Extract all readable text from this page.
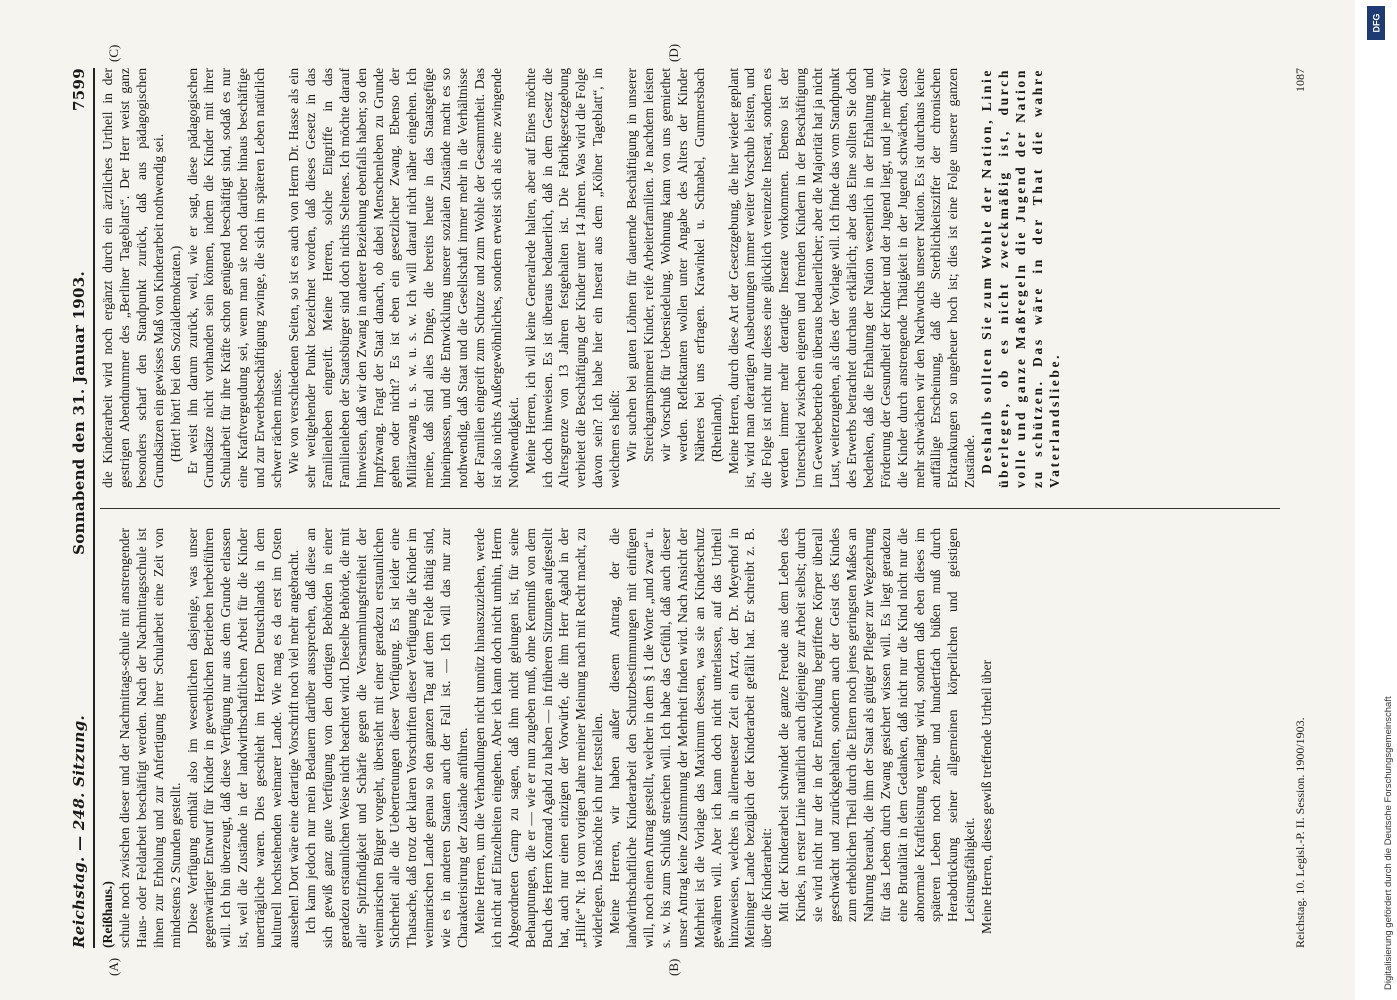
Reichstag. — 248. Sitzung.
Sonnabend den 31. Januar 1903.
7599

(Reißhaus.) schule noch zwischen dieser und der Nachmittags-schule mit anstrengender Haus- oder Feldarbeit beschäftigt werden. Nach der Nachmittagsschule ist ihnen zur Erholung und zur Anfertigung ihrer Schularbeit eine Zeit von mindestens 2 Stunden gestellt. Diese Verfügung enthält also im wesentlichen dasjenige, was unser gegenwärtiger Entwurf für Kinder in gewerblichen Betrieben herbeiführen will. Ich bin überzeugt, daß diese Verfügung nur aus dem Grunde erlassen ist, weil die Zustände in der landwirthschaftlichen Arbeit für die Kinder unerträgliche waren. Dies geschieht im Herzen Deutschlands in dem kulturell hochstehenden weimarer Lande. Wie mag es da erst im Osten aussehen! Dort wäre eine derartige Vorschrift noch viel mehr angebracht. Ich kann jedoch nur mein Bedauern darüber aussprechen, daß diese an sich gewiß ganz gute Verfügung von den dortigen Behörden in einer geradezu erstaunlichen Weise nicht beachtet wird. Dieselbe Behörde, die mit aller Spitzfindigkeit und Schärfe gegen die Versammlungsfreiheit der weimarischen Bürger vorgeht, übersieht mit einer geradezu erstaunlichen Sicherheit alle die Uebertretungen dieser Verfügung. Es ist leider eine Thatsache, daß trotz der klaren Vorschriften dieser Verfügung die Kinder im weimarischen Lande genau so den ganzen Tag auf dem Felde thätig sind, wie es in anderen Staaten auch der Fall ist. — Ich will das nur zur Charakterisirung der Zustände anführen. Meine Herren, um die Verhandlungen nicht unnütz hinauszuziehen, werde ich nicht auf Einzelheiten eingehen. Aber ich kann doch nicht umhin, Herrn Abgeordneten Gamp zu sagen, daß ihm nicht gelungen ist, für seine Behauptungen, die er — wie er nun zugeben muß, ohne Kenntniß von dem Buch des Herrn Konrad Agahd zu haben — in früheren Sitzungen aufgestellt hat, auch nur einen einzigen der Vorwürfe, die ihm Herr Agahd in der „Hilfe“ Nr. 18 vom vorigen Jahre meiner Meinung nach mit Recht macht, zu widerlegen. Das möchte ich nur feststellen. Meine Herren, wir haben außer diesem Antrag, der die landwirthschaftliche Kinderarbeit den Schutzbestimmungen mit einfügen will, noch einen Antrag gestellt, welcher in dem § 1 die Worte „und zwar“ u. s. w. bis zum Schluß streichen will. Ich habe das Gefühl, daß auch dieser unser Antrag keine Zustimmung der Mehrheit finden wird. Nach Ansicht der Mehrheit ist die Vorlage das Maximum dessen, was sie an Kinderschutz gewähren will. Aber ich kann doch nicht unterlassen, auf das Urtheil hinzuweisen, welches in allerneuester Zeit ein Arzt, der Dr. Meyerhof in Meininger Lande bezüglich der Kinderarbeit gefällt hat. Er schreibt z. B. über die Kinderarbeit: Mit der Kinderarbeit schwindet die ganze Freude aus dem Leben des Kindes, in erster Linie natürlich auch diejenige zur Arbeit selbst; durch sie wird nicht nur der in der Entwicklung begriffene Körper überall geschwächt und zurückgehalten, sondern auch der Geist des Kindes zum erheblichen Theil durch die Eltern noch jenes geringsten Maßes an Nahrung beraubt, die ihm der Staat als gütiger Pfleger zur Wegzehrung für das Leben durch Zwang gesichert wissen will. Es liegt geradezu eine Brutalität in dem Gedanken, daß nicht nur die Kind nicht nur die abnormale Kraftleistung verlangt wird, sondern daß eben dieses im späteren Leben noch zehn- und hundertfach büßen muß durch Herabdrückung seiner allgemeinen körperlichen und geistigen Leistungsfähigkeit. Meine Herren, dieses gewiß treffende Urtheil über

die Kinderarbeit wird noch ergänzt durch ein ärztliches Urtheil in der gestrigen Abendnummer des „Berliner Tageblatts“. Der Herr weist ganz besonders scharf den Standpunkt zurück, daß aus pädagogischen Grundsätzen ein gewisses Maß von Kinderarbeit nothwendig sei. (Hört! hört! bei den Sozialdemokraten.) Er weist ihn darum zurück, weil, wie er sagt, diese pädagogischen Grundsätze nicht vorhanden sein können, indem die Kinder mit ihrer Schularbeit für ihre Kräfte schon genügend beschäftigt sind, sodaß es nur eine Kraftvergeudung sei, wenn man sie noch darüber hinaus beschäftige und zur Erwerbsbeschäftigung zwinge, die sich im späteren Leben natürlich schwer rächen müsse. Wie von verschiedenen Seiten, so ist es auch von Herrn Dr. Hasse als ein sehr weitgehender Punkt bezeichnet worden, daß dieses Gesetz in das Familienleben eingreift. Meine Herren, solche Eingriffe in das Familienleben der Staatsbürger sind doch nichts Seltenes. Ich möchte darauf hinweisen, daß wir den Zwang in anderer Beziehung ebenfalls haben; so den Impfzwang. Fragt der Staat danach, ob dabei Menschenleben zu Grunde gehen oder nicht? Es ist eben ein gesetzlicher Zwang. Ebenso der Militärzwang u. s. w. u. s. w. Ich will darauf nicht näher eingehen. Ich meine, daß sind alles Dinge, die bereits heute in das Staatsgefüge hineinpassen, und die Entwicklung unserer sozialen Zustände macht es so nothwendig, daß Staat und die Gesellschaft immer mehr in die Verhältnisse der Familien eingreift zum Schutze und zum Wohle der Gesammtheit. Das ist also nichts Außergewöhnliches, sondern erweist sich als eine zwingende Nothwendigkeit. Meine Herren, ich will keine Generalrede halten, aber auf Eines möchte ich doch hinweisen. Es ist überaus bedauerlich, daß in dem Gesetz die Altersgrenze von 13 Jahren festgehalten ist. Die Fabrikgesetzgebung verbietet die Beschäftigung der Kinder unter 14 Jahren. Was wird die Folge davon sein? Ich habe hier ein Inserat aus dem „Kölner Tageblatt“, in welchem es heißt: Wir suchen bei guten Löhnen für dauernde Beschäftigung in unserer Streichgarnspinnerei Kinder, reife Arbeiterfamilien. Je nachdem leisten wir Vorschuß für Uebersiedelung. Wohnung kann von uns gemiethet werden. Reflektanten wollen unter Angabe des Alters der Kinder Näheres bei uns erfragen. Krawinkel u. Schnabel, Gummersbach (Rheinland). Meine Herren, durch diese Art der Gesetzgebung, die hier wieder geplant ist, wird man derartigen Ausbeutungen immer weiter Vorschub leisten, und die Folge ist nicht nur dieses eine glücklich vereinzelte Inserat, sondern es werden immer mehr derartige Inserate vorkommen. Ebenso ist der Unterschied zwischen eigenen und fremden Kindern in der Beschäftigung im Gewerbebetrieb ein überaus bedauerlicher; aber die Majorität hat ja nicht Lust, weiterzugehen, als dies der Vorlage will. Ich finde das vom Standpunkt des Erwerbs betrachtet durchaus erklärlich; aber das Eine sollten Sie doch bedenken, daß die Erhaltung der Nation wesentlich in der Erhaltung und Förderung der Gesundheit der Kinder und der Jugend liegt, und je mehr wir die Kinder durch anstrengende Thätigkeit in der Jugend schwächen, desto mehr schwächen wir den Nachwuchs unserer Nation. Es ist durchaus keine auffällige Erscheinung, daß die Sterblichkeitsziffer der chronischen Erkrankungen so ungeheuer hoch ist; dies ist eine Folge unserer ganzen Zustände. Deshalb sollten Sie zum Wohle der Nation, Linie überlegen, ob es nicht zweckmäßig ist, durch volle und ganze Maßregeln die Jugend der Nation zu schützen. Das wäre in der That die wahre Vaterlandsliebe.

Reichstag. 10. Legisl.-P. II. Session. 1900/1903.
1087
(A)	(B)
(C)	(D)
DFG
Digitalisierung gefördert durch die Deutsche Forschungsgemeinschaft
